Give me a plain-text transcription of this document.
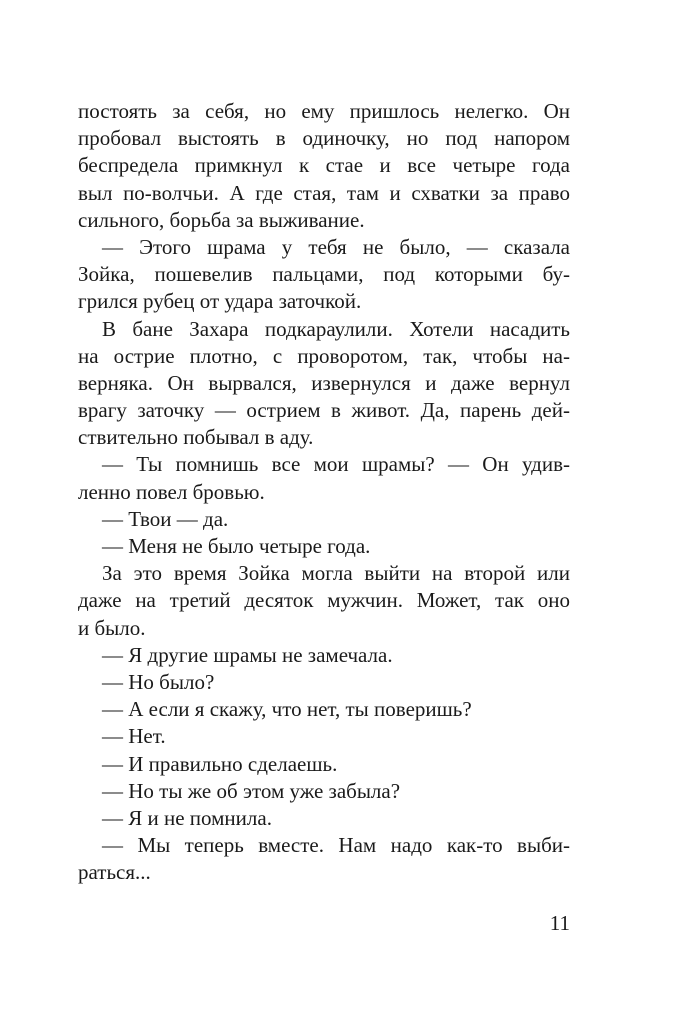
постоять за себя, но ему пришлось нелегко. Он
пробовал выстоять в одиночку, но под напором
беспредела примкнул к стае и все четыре года
выл по-волчьи. А где стая, там и схватки за право
сильного, борьба за выживание.
— Этого шрама у тебя не было, — сказала
Зойка, пошевелив пальцами, под которыми бу-
грился рубец от удара заточкой.
В бане Захара подкараулили. Хотели насадить
на острие плотно, с проворотом, так, чтобы на-
верняка. Он вырвался, извернулся и даже вернул
врагу заточку — острием в живот. Да, парень дей-
ствительно побывал в аду.
— Ты помнишь все мои шрамы? — Он удив-
ленно повел бровью.
— Твои — да.
— Меня не было четыре года.
За это время Зойка могла выйти на второй или
даже на третий десяток мужчин. Может, так оно
и было.
— Я другие шрамы не замечала.
— Но было?
— А если я скажу, что нет, ты поверишь?
— Нет.
— И правильно сделаешь.
— Но ты же об этом уже забыла?
— Я и не помнила.
— Мы теперь вместе. Нам надо как-то выби-
раться...
11
